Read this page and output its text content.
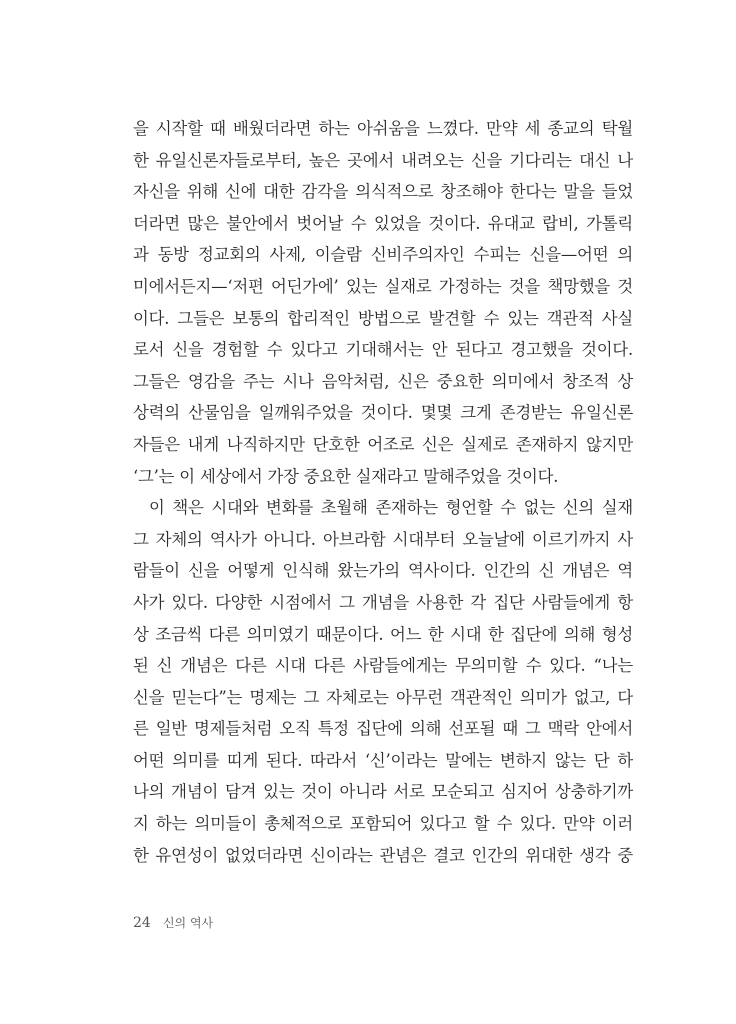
을 시작할 때 배웠더라면 하는 아쉬움을 느꼈다. 만약 세 종교의 탁월
한 유일신론자들로부터, 높은 곳에서 내려오는 신을 기다리는 대신 나
자신을 위해 신에 대한 감각을 의식적으로 창조해야 한다는 말을 들었
더라면 많은 불안에서 벗어날 수 있었을 것이다. 유대교 랍비, 가톨릭
과 동방 정교회의 사제, 이슬람 신비주의자인 수피는 신을—어떤 의
미에서든지—‘저편 어딘가에’ 있는 실재로 가정하는 것을 책망했을 것
이다. 그들은 보통의 합리적인 방법으로 발견할 수 있는 객관적 사실
로서 신을 경험할 수 있다고 기대해서는 안 된다고 경고했을 것이다.
그들은 영감을 주는 시나 음악처럼, 신은 중요한 의미에서 창조적 상
상력의 산물임을 일깨워주었을 것이다. 몇몇 크게 존경받는 유일신론
자들은 내게 나직하지만 단호한 어조로 신은 실제로 존재하지 않지만
‘그’는 이 세상에서 가장 중요한 실재라고 말해주었을 것이다.
이 책은 시대와 변화를 초월해 존재하는 형언할 수 없는 신의 실재
그 자체의 역사가 아니다. 아브라함 시대부터 오늘날에 이르기까지 사
람들이 신을 어떻게 인식해 왔는가의 역사이다. 인간의 신 개념은 역
사가 있다. 다양한 시점에서 그 개념을 사용한 각 집단 사람들에게 항
상 조금씩 다른 의미였기 때문이다. 어느 한 시대 한 집단에 의해 형성
된 신 개념은 다른 시대 다른 사람들에게는 무의미할 수 있다. “나는
신을 믿는다”는 명제는 그 자체로는 아무런 객관적인 의미가 없고, 다
른 일반 명제들처럼 오직 특정 집단에 의해 선포될 때 그 맥락 안에서
어떤 의미를 띠게 된다. 따라서 ‘신’이라는 말에는 변하지 않는 단 하
나의 개념이 담겨 있는 것이 아니라 서로 모순되고 심지어 상충하기까
지 하는 의미들이 총체적으로 포함되어 있다고 할 수 있다. 만약 이러
한 유연성이 없었더라면 신이라는 관념은 결코 인간의 위대한 생각 중
24 신의 역사
